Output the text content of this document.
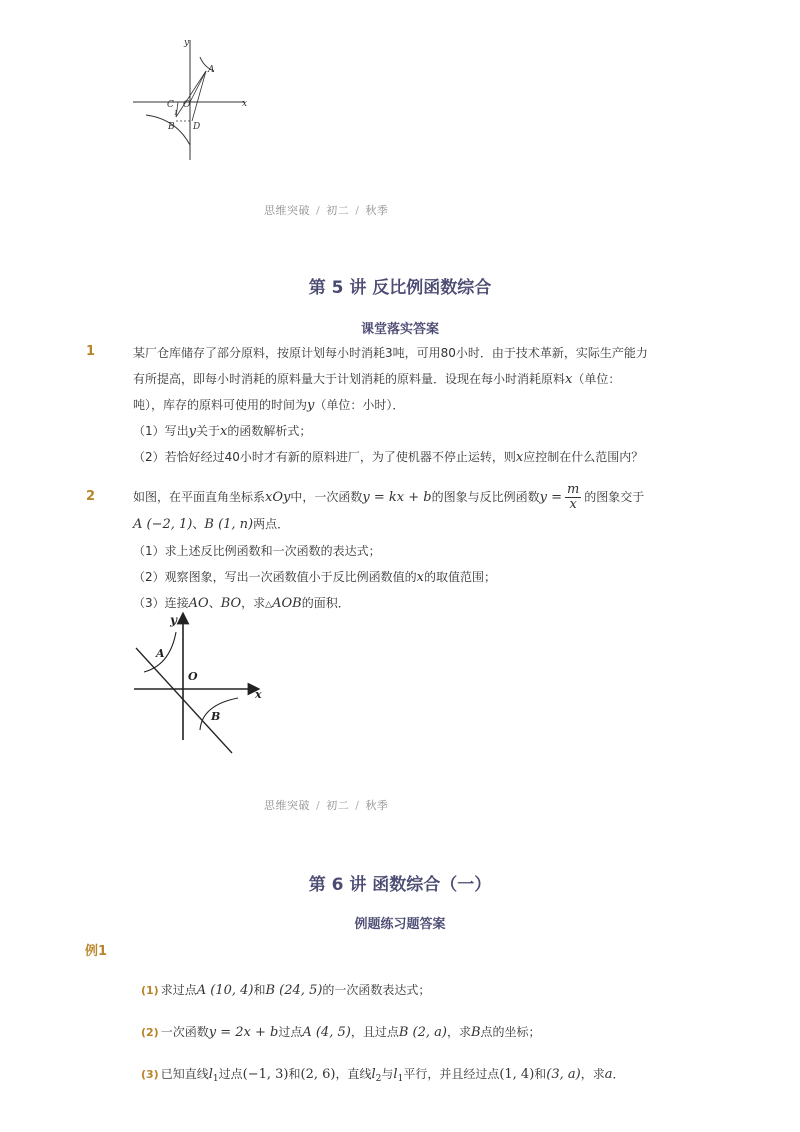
y
x
A
C O
B D
1
思维突破 / 初二 / 秋季
第 5 讲 反比例函数综合
课堂落实答案
1	某厂仓库储存了部分原料，按原计划每小时消耗3吨，可用80小时．由于技术革新，实际生产能力
有所提高，即每小时消耗的原料量大于计划消耗的原料量．设现在每小时消耗原料x（单位：
吨），库存的原料可使用的时间为y（单位：小时）．
（1）写出y关于x的函数解析式；
（2）若恰好经过40小时才有新的原料进厂，为了使机器不停止运转，则x应控制在什么范围内？
2	如图，在平面直角坐标系xOy中，一次函数y = kx + b的图象与反比例函数$y = \frac{m}{x}$ 的图象交于
A (−2, 1)、B (1, n)两点．
（1）求上述反比例函数和一次函数的表达式；
（2）观察图象，写出一次函数值小于反比例函数值的x的取值范围；
（3）连接AO、BO，求△AOB的面积．
y
x
A
O
B
思维突破 / 初二 / 秋季
第 6 讲 函数综合（一）
例题练习题答案
例1
(1) 求过点A (10, 4)和B (24, 5)的一次函数表达式；
(2) 一次函数y = 2x + b过点A (4, 5)，且过点B (2, a)，求B点的坐标；
(3) 已知直线$l_1$过点(−1, 3)和(2, 6)，直线$l_2$与$l_1$平行，并且经过点(1, 4)和(3, a)，求a．
